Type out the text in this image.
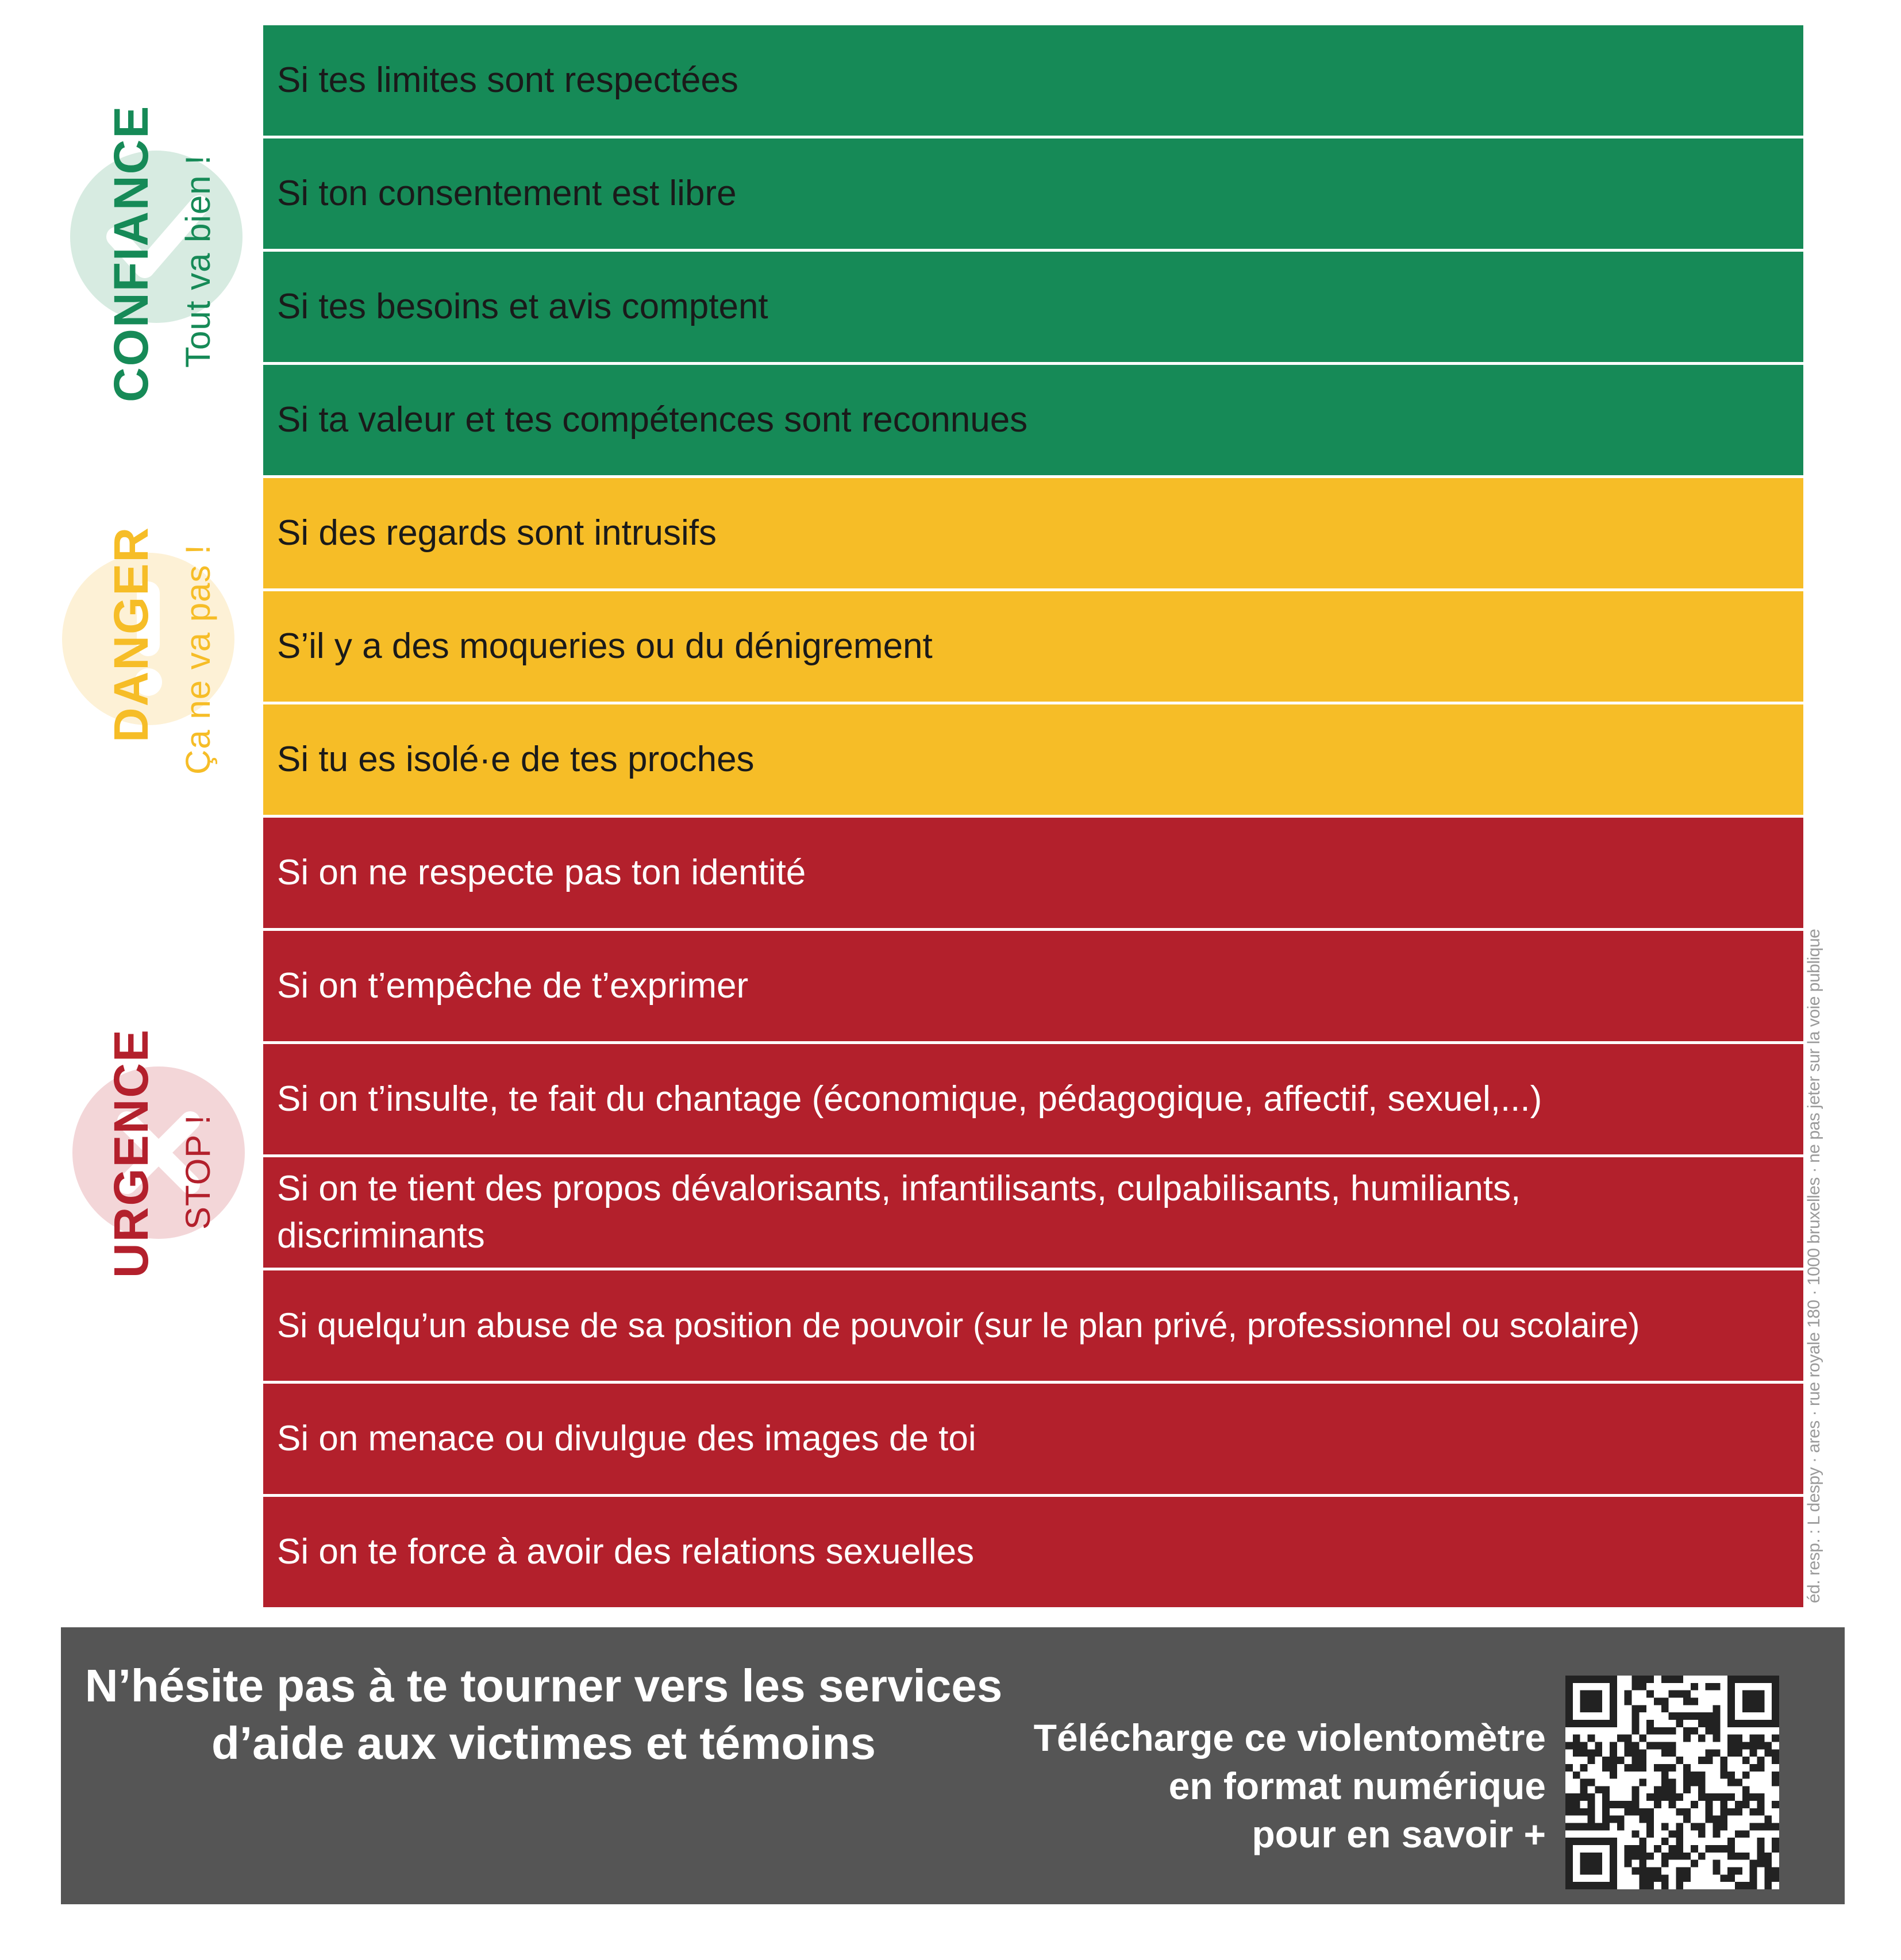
CONFIANCE Tout va bien !
DANGER Ça ne va pas !
URGENCE STOP !
Si tes limites sont respectées
Si ton consentement est libre
Si tes besoins et avis comptent
Si ta valeur et tes compétences sont reconnues
Si des regards sont intrusifs
S’il y a des moqueries ou du dénigrement
Si tu es isolé·e de tes proches
Si on ne respecte pas ton identité
Si on t’empêche de t’exprimer
Si on t’insulte, te fait du chantage (économique, pédagogique, affectif, sexuel,...)
Si on te tient des propos dévalorisants, infantilisants, culpabilisants, humiliants, discriminants
Si quelqu’un abuse de sa position de pouvoir (sur le plan privé, professionnel ou scolaire)
Si on menace ou divulgue des images de toi
Si on te force à avoir des relations sexuelles	éd. resp. : L despy · ares · rue royale 180 · 1000 bruxelles · ne pas jeter sur la voie publique
N’hésite pas à te tourner vers les services d’aide aux victimes et témoins	Télécharge ce violentomètre
en format numérique
pour en savoir +
